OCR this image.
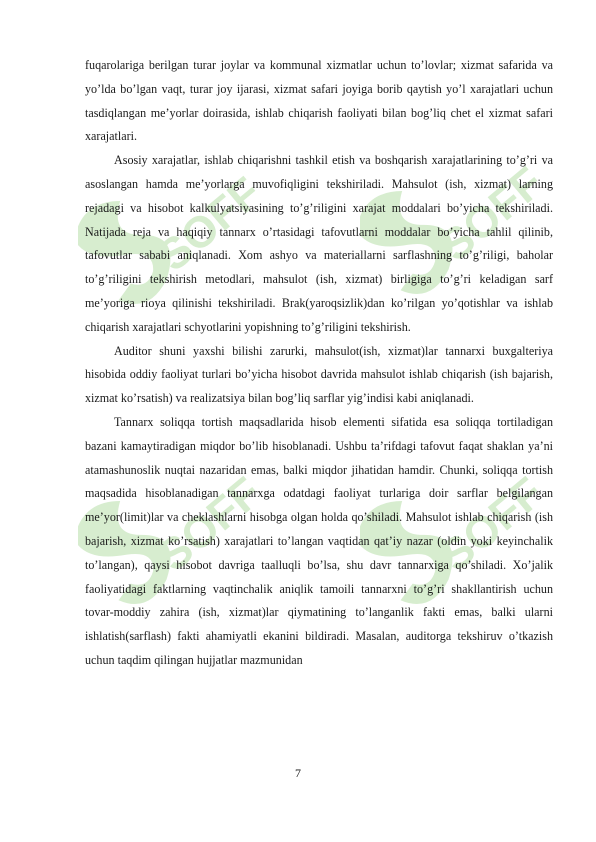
SOFF	SOFF
SOFF	SOFF

fuqarolariga berilgan turar joylar va kommunal xizmatlar uchun to’lovlar; xizmat safarida va yo’lda bo’lgan vaqt, turar joy ijarasi, xizmat safari joyiga borib qaytish yo’l xarajatlari uchun tasdiqlangan me’yorlar doirasida, ishlab chiqarish faoliyati bilan bog’liq chet el xizmat safari xarajatlari.

Asosiy xarajatlar, ishlab chiqarishni tashkil etish va boshqarish xarajatlarining to’g’ri va asoslangan hamda me’yorlarga muvofiqligini tekshiriladi. Mahsulot (ish, xizmat) larning rejadagi va hisobot kalkulyatsiyasining to’g’riligini xarajat moddalari bo’yicha tekshiriladi. Natijada reja va haqiqiy tannarx o’rtasidagi tafovutlarni moddalar bo’yicha tahlil qilinib, tafovutlar sababi aniqlanadi. Xom ashyo va materiallarni sarflashning to’g’riligi, baholar to’g’riligini tekshirish metodlari, mahsulot (ish, xizmat) birligiga to’g’ri keladigan sarf me’yoriga rioya qilinishi tekshiriladi. Brak(yaroqsizlik)dan ko’rilgan yo’qotishlar va ishlab chiqarish xarajatlari schyotlarini yopishning to’g’riligini tekshirish.

Auditor shuni yaxshi bilishi zarurki, mahsulot(ish, xizmat)lar tannarxi buxgalteriya hisobida oddiy faoliyat turlari bo’yicha hisobot davrida mahsulot ishlab chiqarish (ish bajarish, xizmat ko’rsatish) va realizatsiya bilan bog’liq sarflar yig’indisi kabi aniqlanadi.

Tannarx soliqqa tortish maqsadlarida hisob elementi sifatida esa soliqqa tortiladigan bazani kamaytiradigan miqdor bo’lib hisoblanadi. Ushbu ta’rifdagi tafovut faqat shaklan ya’ni atamashunoslik nuqtai nazaridan emas, balki miqdor jihatidan hamdir. Chunki, soliqqa tortish maqsadida hisoblanadigan tannarxga odatdagi faoliyat turlariga doir sarflar belgilangan me’yor(limit)lar va cheklashlarni hisobga olgan holda qo’shiladi. Mahsulot ishlab chiqarish (ish bajarish, xizmat ko’rsatish) xarajatlari to’langan vaqtidan qat’iy nazar (oldin yoki keyinchalik to’langan), qaysi hisobot davriga taalluqli bo’lsa, shu davr tannarxiga qo’shiladi. Xo’jalik faoliyatidagi faktlarning vaqtinchalik aniqlik tamoili tannarxni to’g’ri shakllantirish uchun tovar-moddiy zahira (ish, xizmat)lar qiymatining to’langanlik fakti emas, balki ularni ishlatish(sarflash) fakti ahamiyatli ekanini bildiradi. Masalan, auditorga tekshiruv o’tkazish uchun taqdim qilingan hujjatlar mazmunidan

7
